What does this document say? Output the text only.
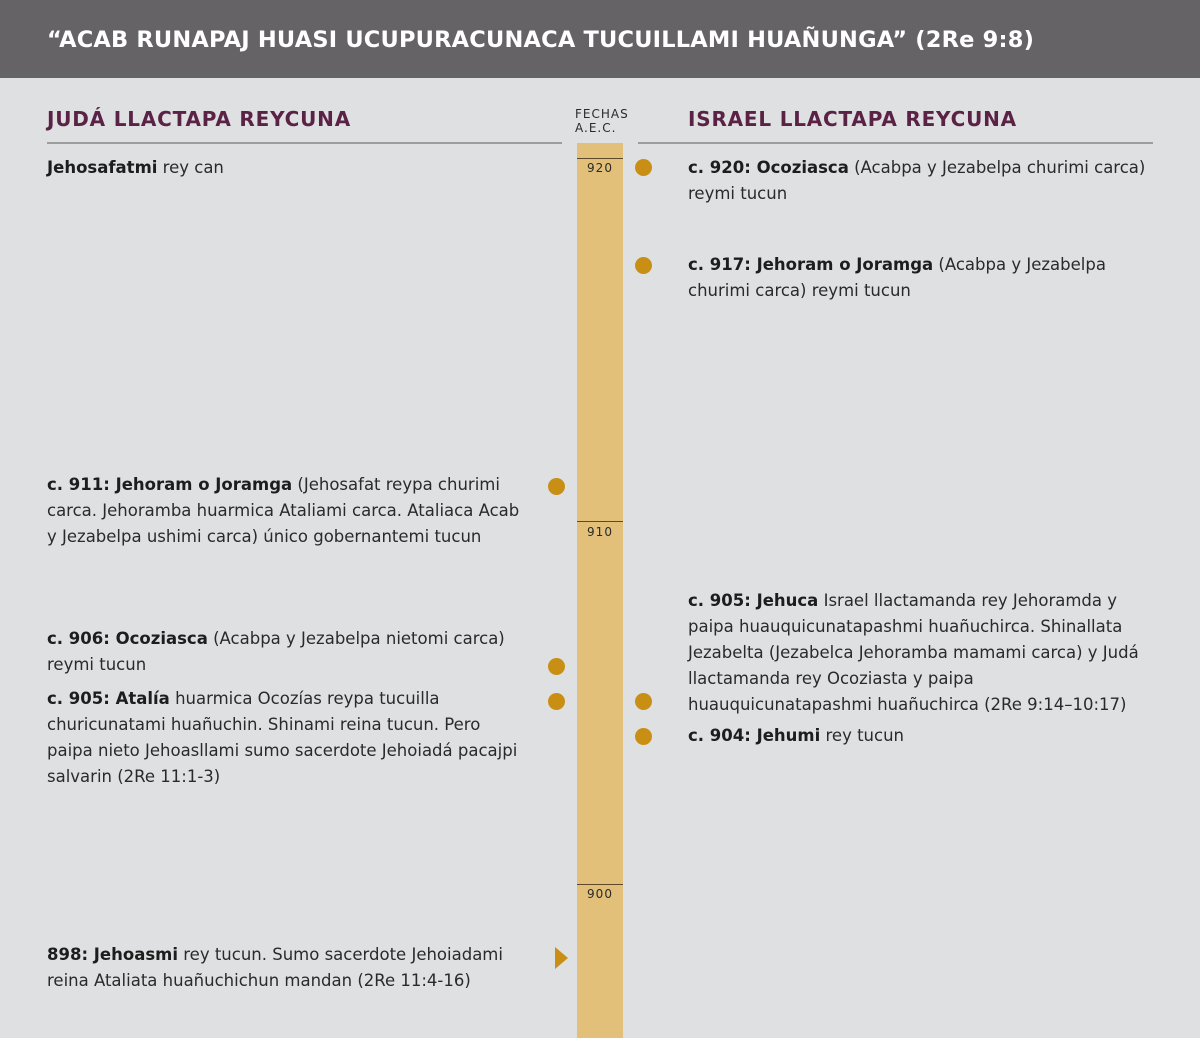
“ACAB RUNAPAJ HUASI UCUPURACUNACA TUCUILLAMI HUAÑUNGA” (2Re 9:8)
JUDÁ LLACTAPA REYCUNA	ISRAEL LLACTAPA REYCUNA
FECHAS
A.E.C.
920
910
900
Jehosafatmi rey can
c. 911: Jehoram o Joramga (Jehosafat reypa churimi carca. Jehoramba huarmica Ataliami carca. Ataliaca Acab y Jezabelpa ushimi carca) único gobernantemi tucun
c. 906: Ocoziasca (Acabpa y Jezabelpa nietomi carca) reymi tucun
c. 905: Atalía huarmica Ocozías reypa tucuilla churicunatami huañuchin. Shinami reina tucun. Pero paipa nieto Jehoasllami sumo sacerdote Jehoiadá pacajpi salvarin (2Re 11:1-3)
898: Jehoasmi rey tucun. Sumo sacerdote Jehoiadami reina Ataliata huañuchichun mandan (2Re 11:4-16)
c. 920: Ocoziasca (Acabpa y Jezabelpa churimi carca) reymi tucun
c. 917: Jehoram o Joramga (Acabpa y Jezabelpa churimi carca) reymi tucun
c. 905: Jehuca Israel llactamanda rey Jehoramda y paipa huauquicunatapashmi huañuchirca. Shinallata Jezabelta (Jezabelca Jehoramba mamami carca) y Judá llactamanda rey Ocoziasta y paipa huauquicunatapashmi huañuchirca (2Re 9:14–10:17)
c. 904: Jehumi rey tucun
